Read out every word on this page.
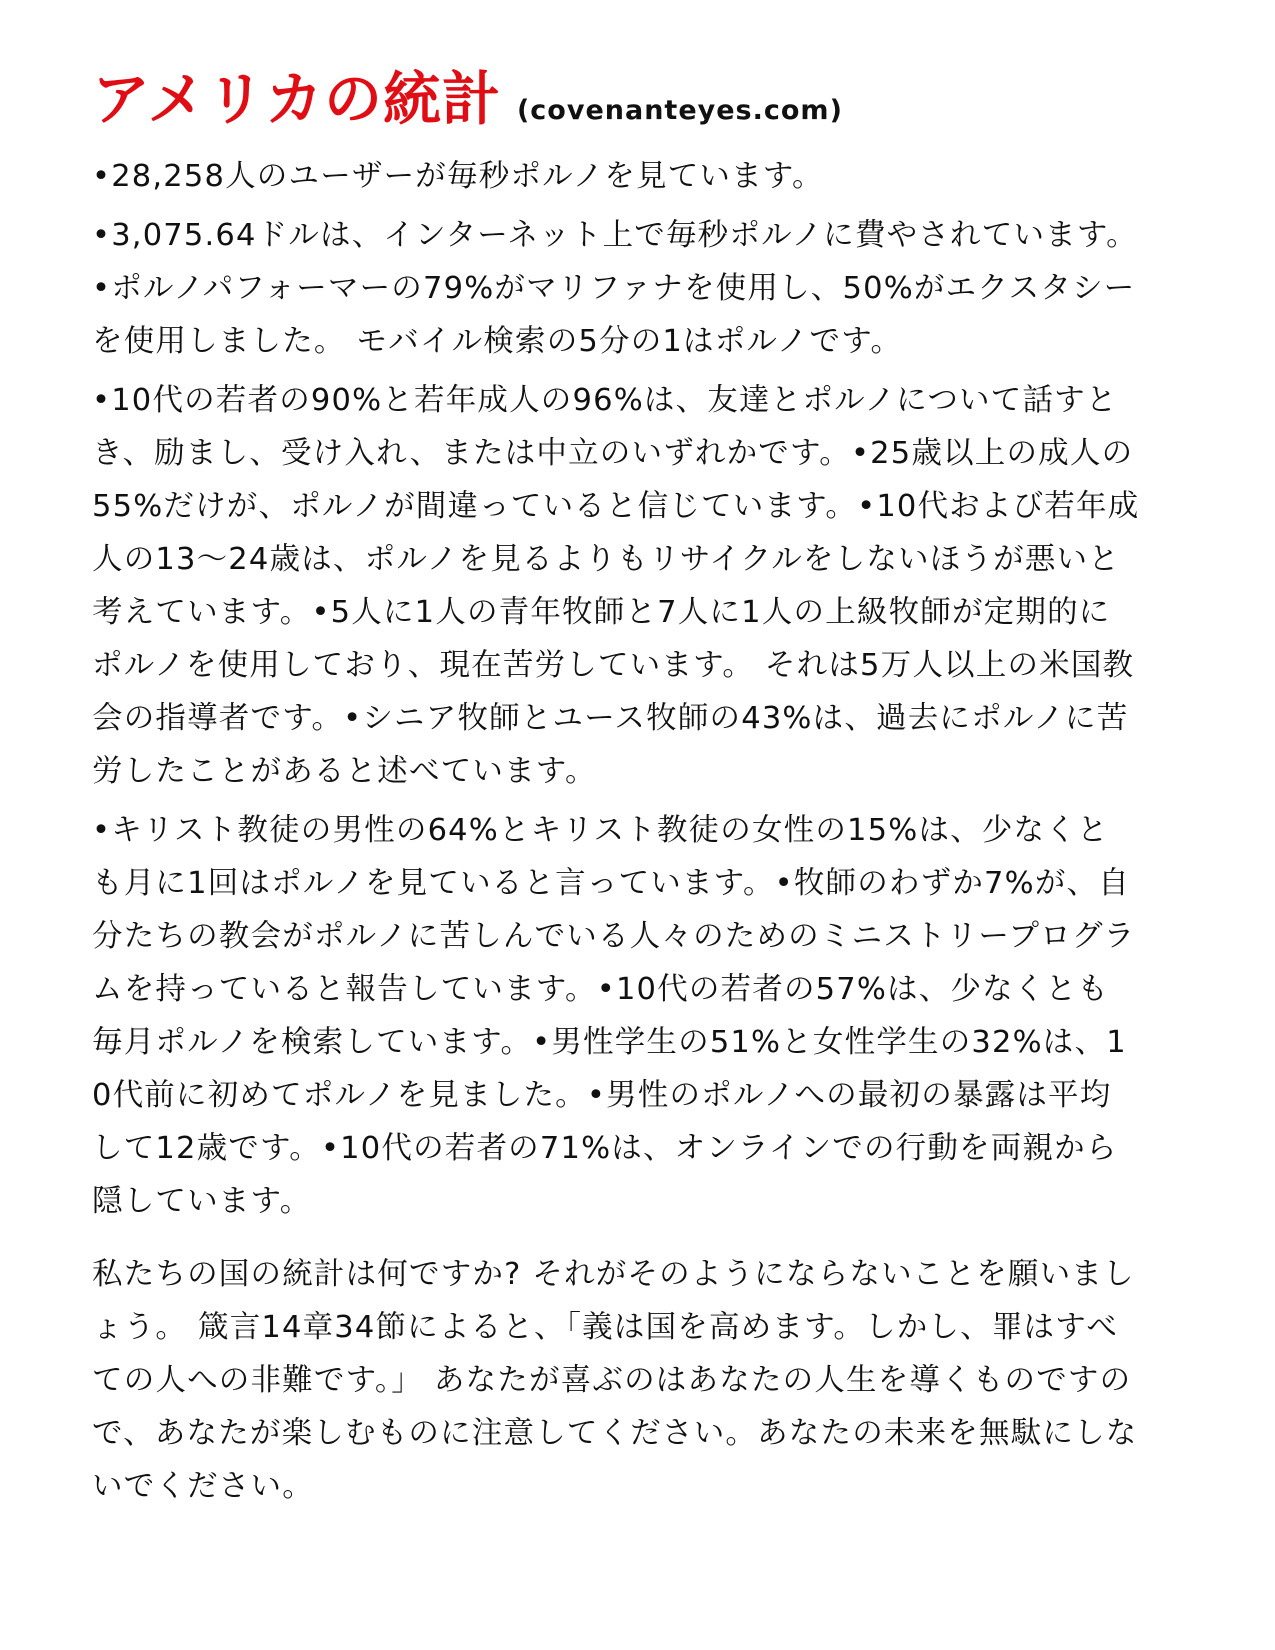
アメリカの統計 (covenanteyes.com)

•28,258人のユーザーが毎秒ポルノを見ています。

•3,075.64ドルは、インターネット上で毎秒ポルノに費やされています。•ポルノパフォーマーの79%がマリファナを使用し、50%がエクスタシーを使用しました。 モバイル検索の5分の1はポルノです。

•10代の若者の90%と若年成人の96%は、友達とポルノについて話すとき、励まし、受け入れ、または中立のいずれかです。•25歳以上の成人の55%だけが、ポルノが間違っていると信じています。•10代および若年成人の13〜24歳は、ポルノを見るよりもリサイクルをしないほうが悪いと考えています。•5人に1人の青年牧師と7人に1人の上級牧師が定期的にポルノを使用しており、現在苦労しています。 それは5万人以上の米国教会の指導者です。•シニア牧師とユース牧師の43%は、過去にポルノに苦労したことがあると述べています。

•キリスト教徒の男性の64%とキリスト教徒の女性の15%は、少なくとも月に1回はポルノを見ていると言っています。•牧師のわずか7%が、自分たちの教会がポルノに苦しんでいる人々のためのミニストリープログラムを持っていると報告しています。•10代の若者の57%は、少なくとも毎月ポルノを検索しています。•男性学生の51%と女性学生の32%は、10代前に初めてポルノを見ました。•男性のポルノへの最初の暴露は平均して12歳です。•10代の若者の71%は、オンラインでの行動を両親から隠しています。

私たちの国の統計は何ですか? それがそのようにならないことを願いましょう。 箴言14章34節によると、「義は国を高めます。しかし、罪はすべての人への非難です。」 あなたが喜ぶのはあなたの人生を導くものですので、あなたが楽しむものに注意してください。あなたの未来を無駄にしないでください。
